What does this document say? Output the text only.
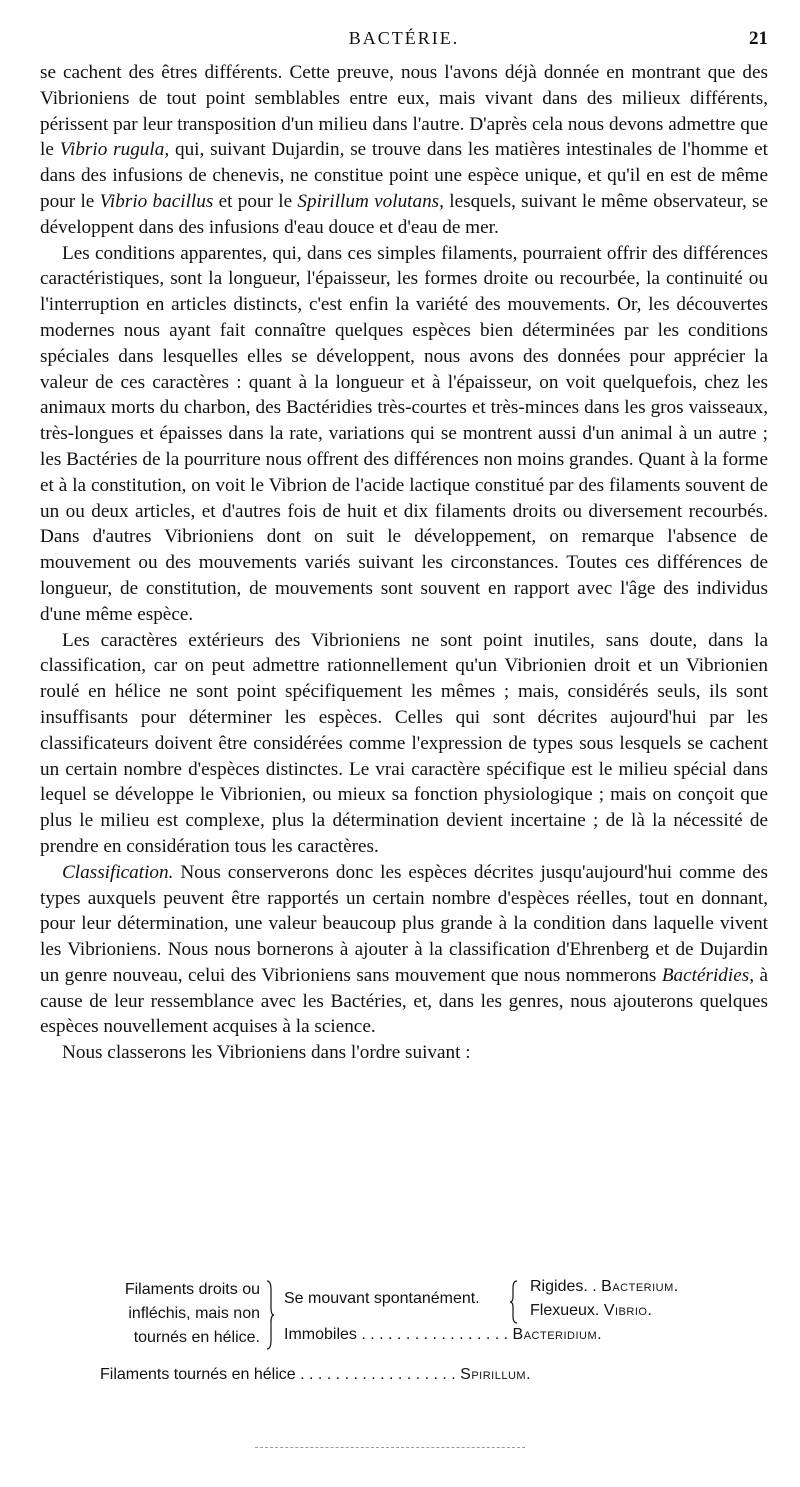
BACTÉRIE.	21

se cachent des êtres différents. Cette preuve, nous l'avons déjà donnée en montrant que des Vibrioniens de tout point semblables entre eux, mais vivant dans des milieux différents, périssent par leur transposition d'un milieu dans l'autre. D'après cela nous devons admettre que le Vibrio rugula, qui, suivant Dujardin, se trouve dans les matières intestinales de l'homme et dans des infusions de chenevis, ne constitue point une espèce unique, et qu'il en est de même pour le Vibrio bacillus et pour le Spirillum volutans, lesquels, suivant le même observateur, se développent dans des infusions d'eau douce et d'eau de mer.

Les conditions apparentes, qui, dans ces simples filaments, pourraient offrir des différences caractéristiques, sont la longueur, l'épaisseur, les formes droite ou recourbée, la continuité ou l'interruption en articles distincts, c'est enfin la variété des mouvements. Or, les découvertes modernes nous ayant fait connaître quelques espèces bien déterminées par les conditions spéciales dans lesquelles elles se développent, nous avons des données pour apprécier la valeur de ces caractères : quant à la longueur et à l'épaisseur, on voit quelquefois, chez les animaux morts du charbon, des Bactéridies très-courtes et très-minces dans les gros vaisseaux, très-longues et épaisses dans la rate, variations qui se montrent aussi d'un animal à un autre ; les Bactéries de la pourriture nous offrent des différences non moins grandes. Quant à la forme et à la constitution, on voit le Vibrion de l'acide lactique constitué par des filaments souvent de un ou deux articles, et d'autres fois de huit et dix filaments droits ou diversement recourbés. Dans d'autres Vibrioniens dont on suit le développement, on remarque l'absence de mouvement ou des mouvements variés suivant les circonstances. Toutes ces différences de longueur, de constitution, de mouvements sont souvent en rapport avec l'âge des individus d'une même espèce.

Les caractères extérieurs des Vibrioniens ne sont point inutiles, sans doute, dans la classification, car on peut admettre rationnellement qu'un Vibrionien droit et un Vibrionien roulé en hélice ne sont point spécifiquement les mêmes ; mais, considérés seuls, ils sont insuffisants pour déterminer les espèces. Celles qui sont décrites aujourd'hui par les classificateurs doivent être considérées comme l'expression de types sous lesquels se cachent un certain nombre d'espèces distinctes. Le vrai caractère spécifique est le milieu spécial dans lequel se développe le Vibrionien, ou mieux sa fonction physiologique ; mais on conçoit que plus le milieu est complexe, plus la détermination devient incertaine ; de là la nécessité de prendre en considération tous les caractères.

Classification. Nous conserverons donc les espèces décrites jusqu'aujourd'hui comme des types auxquels peuvent être rapportés un certain nombre d'espèces réelles, tout en donnant, pour leur détermination, une valeur beaucoup plus grande à la condition dans laquelle vivent les Vibrioniens. Nous nous bornerons à ajouter à la classification d'Ehrenberg et de Dujardin un genre nouveau, celui des Vibrioniens sans mouvement que nous nommerons Bactéridies, à cause de leur ressemblance avec les Bactéries, et, dans les genres, nous ajouterons quelques espèces nouvellement acquises à la science.

Nous classerons les Vibrioniens dans l'ordre suivant :

Filaments droits ou
infléchis, mais non
tournés en hélice.
Se mouvant spontanément.
Rigides. . Bacterium.
Flexueux. Vibrio.
Immobiles . . . . . . . . . . . . . . . . . Bacteridium.
Filaments tournés en hélice . . . . . . . . . . . . . . . . . . Spirillum.
